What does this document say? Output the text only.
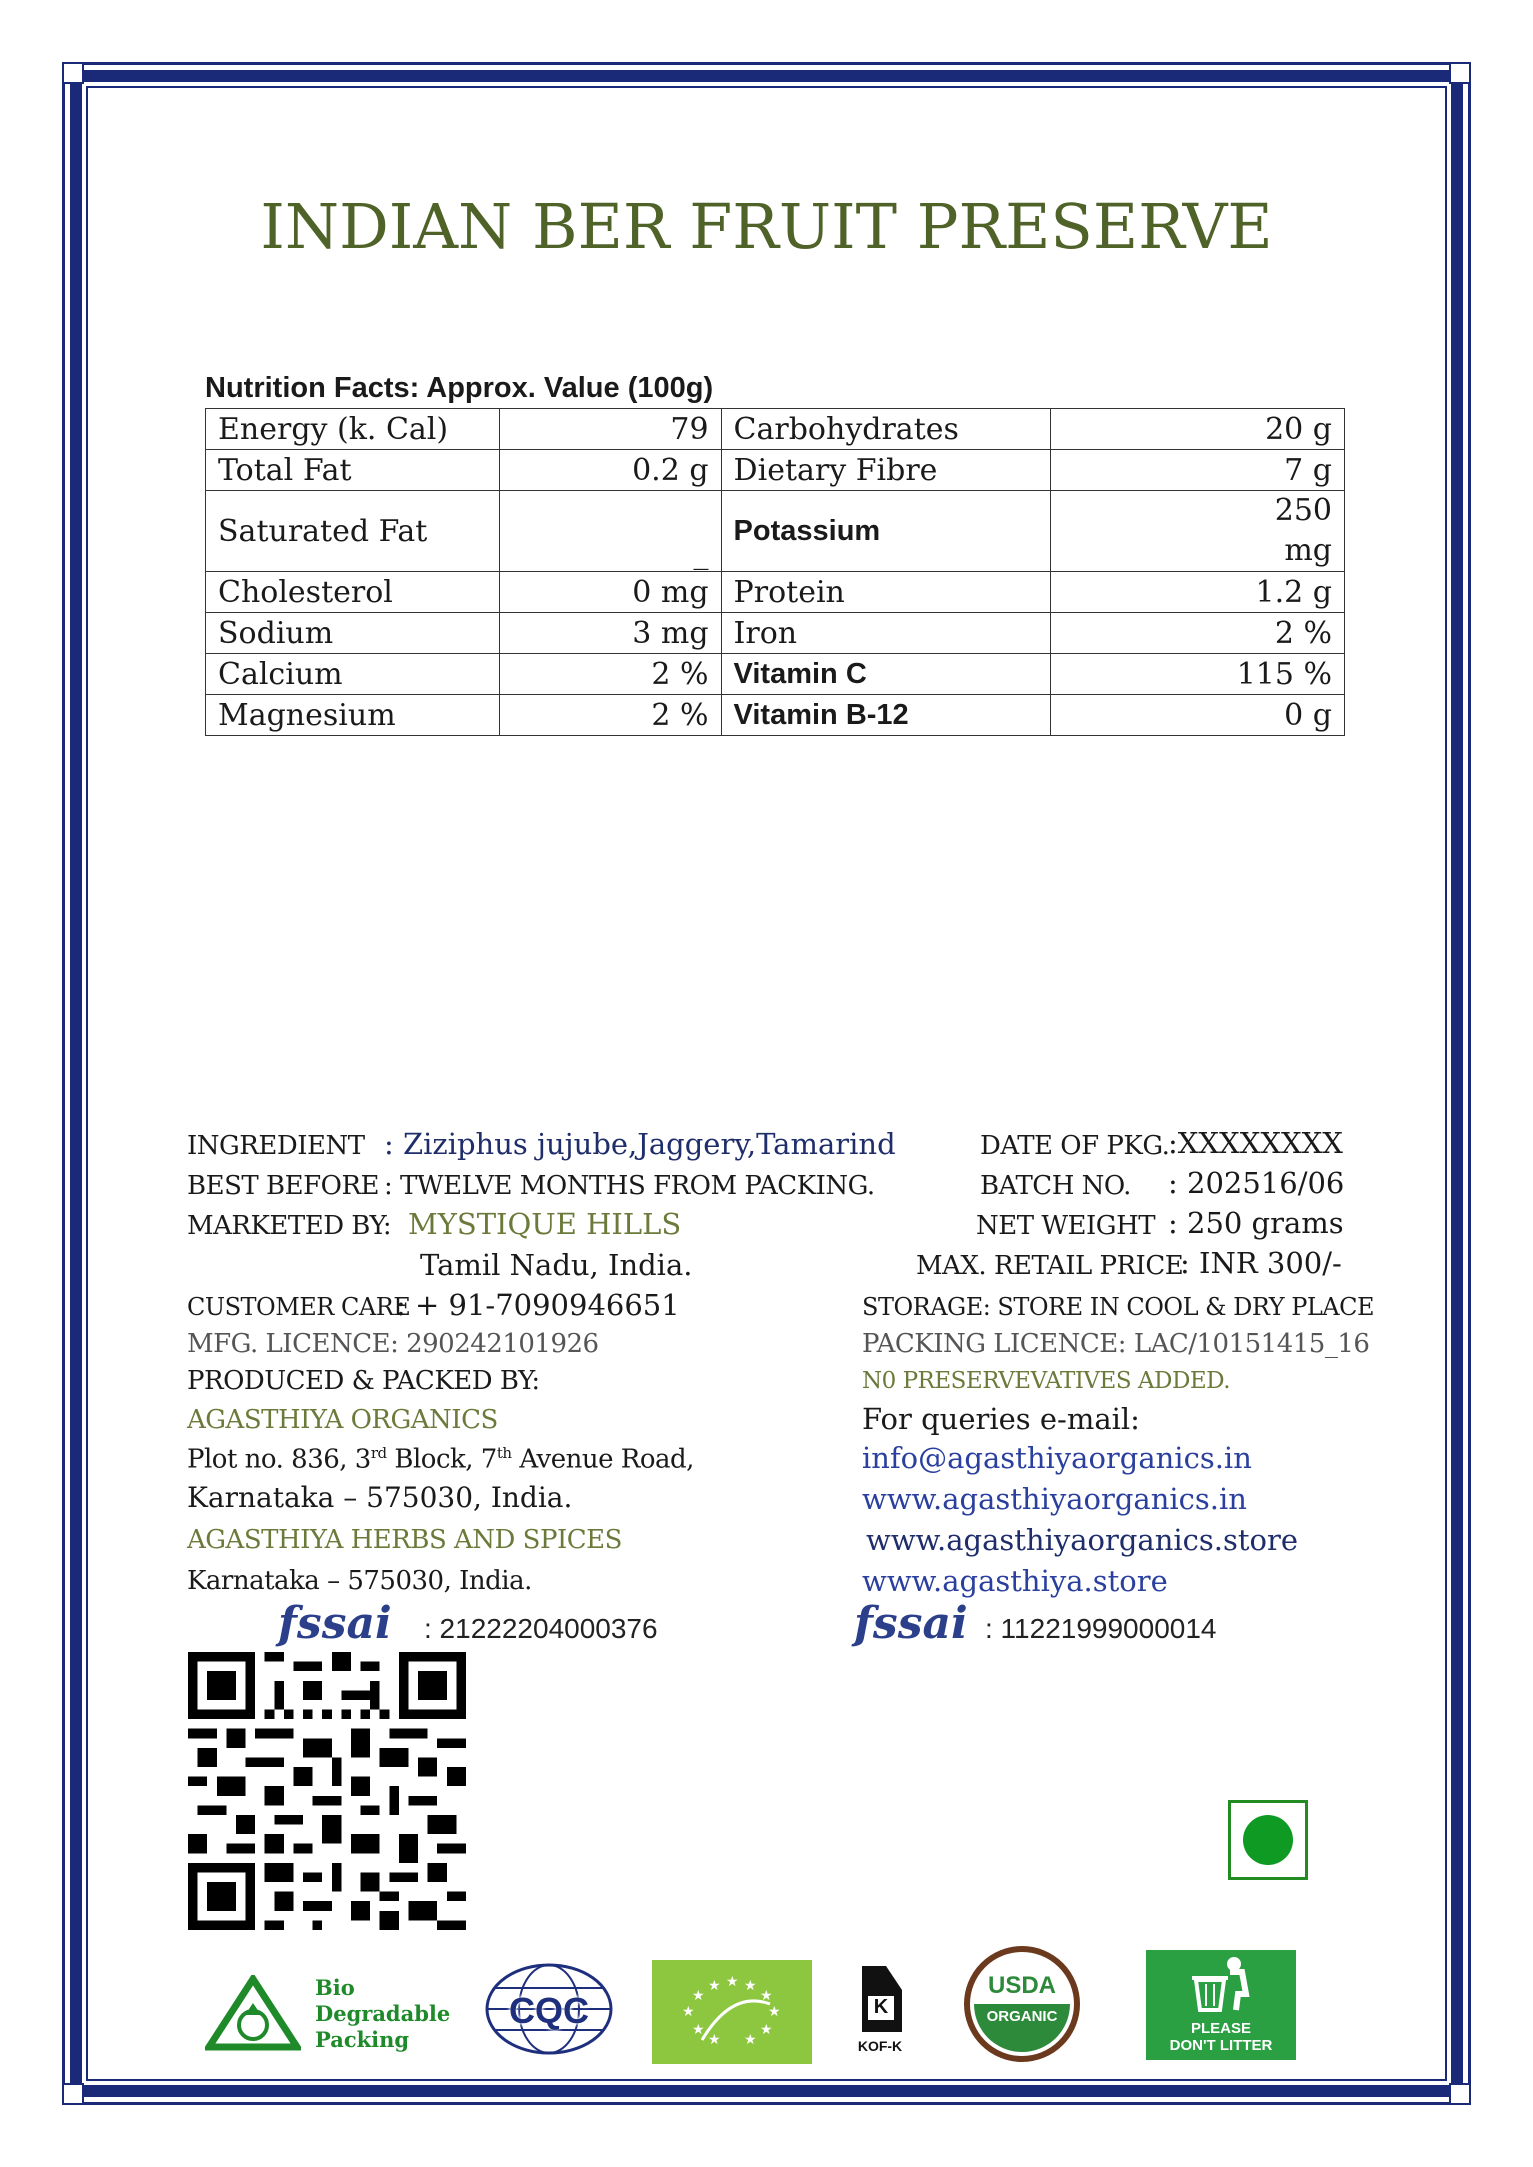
INDIAN BER FRUIT PRESERVE
Nutrition Facts: Approx. Value (100g)
Energy (k. Cal)	79	Carbohydrates	20 g
Total Fat	0.2 g	Dietary Fibre	7 g
Saturated Fat	_	Potassium	250
mg

Cholesterol	0 mg	Protein	1.2 g
Sodium	3 mg	Iron	2 %
Calcium	2 %	Vitamin C	115 %
Magnesium	2 %	Vitamin B-12	0 g
INGREDIENT : Ziziphus jujube,Jaggery,Tamarind
BEST BEFORE : TWELVE MONTHS FROM PACKING.
MARKETED BY: MYSTIQUE HILLS
Tamil Nadu, India.
CUSTOMER CARE
: + 91-7090946651
MFG. LICENCE: 290242101926
PRODUCED & PACKED BY:
AGASTHIYA ORGANICS
Plot no. 836, 3rd Block, 7th Avenue Road,
Karnataka – 575030, India.
AGASTHIYA HERBS AND SPICES
Karnataka – 575030, India.
fssai : 21222204000376
DATE OF PKG.
:XXXXXXXX
BATCH NO. : 202516/06
NET WEIGHT : 250 grams
MAX. RETAIL PRICE
: INR 300/-
STORAGE: STORE IN COOL & DRY PLACE
PACKING LICENCE: LAC/10151415_16
N0 PRESERVEVATIVES ADDED.
For queries e-mail:
info@agasthiyaorganics.in
www.agasthiyaorganics.in
www.agasthiyaorganics.store
www.agasthiya.store
fssai : 11221999000014
Bio
Degradable
Packing
CQC	★
★
★ ★ ★
★
★
★
★ ★
★
K
KOF-K
USDA
ORGANIC
PLEASE
DON'T LITTER
